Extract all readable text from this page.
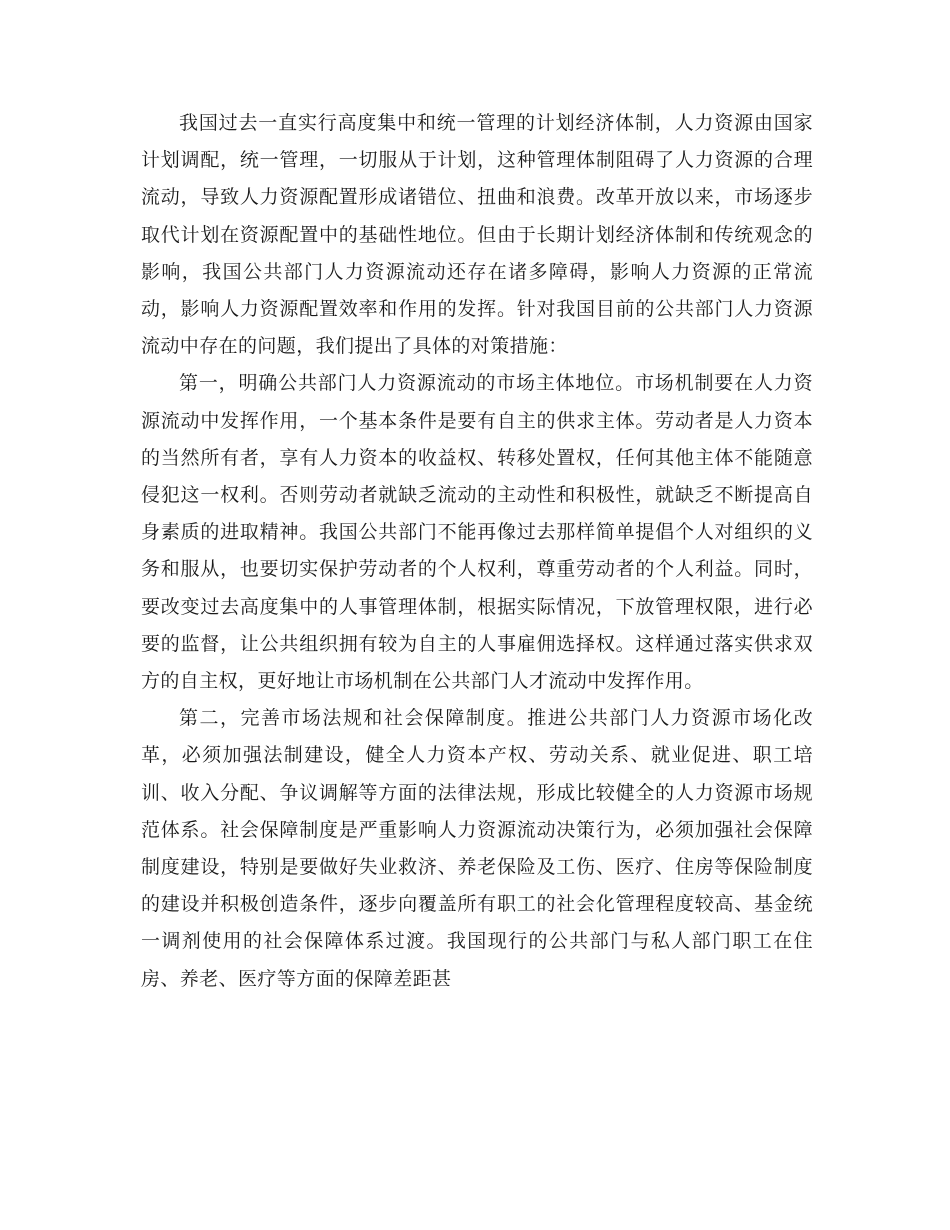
我国过去一直实行高度集中和统一管理的计划经济体制，人力资源由国家计划调配，统一管理，一切服从于计划，这种管理体制阻碍了人力资源的合理流动，导致人力资源配置形成诸错位、扭曲和浪费。改革开放以来，市场逐步取代计划在资源配置中的基础性地位。但由于长期计划经济体制和传统观念的影响，我国公共部门人力资源流动还存在诸多障碍，影响人力资源的正常流动，影响人力资源配置效率和作用的发挥。针对我国目前的公共部门人力资源流动中存在的问题，我们提出了具体的对策措施：

第一，明确公共部门人力资源流动的市场主体地位。市场机制要在人力资源流动中发挥作用，一个基本条件是要有自主的供求主体。劳动者是人力资本的当然所有者，享有人力资本的收益权、转移处置权，任何其他主体不能随意侵犯这一权利。否则劳动者就缺乏流动的主动性和积极性，就缺乏不断提高自身素质的进取精神。我国公共部门不能再像过去那样简单提倡个人对组织的义务和服从，也要切实保护劳动者的个人权利，尊重劳动者的个人利益。同时，要改变过去高度集中的人事管理体制，根据实际情况，下放管理权限，进行必要的监督，让公共组织拥有较为自主的人事雇佣选择权。这样通过落实供求双方的自主权，更好地让市场机制在公共部门人才流动中发挥作用。

第二，完善市场法规和社会保障制度。推进公共部门人力资源市场化改革，必须加强法制建设，健全人力资本产权、劳动关系、就业促进、职工培训、收入分配、争议调解等方面的法律法规，形成比较健全的人力资源市场规范体系。社会保障制度是严重影响人力资源流动决策行为，必须加强社会保障制度建设，特别是要做好失业救济、养老保险及工伤、医疗、住房等保险制度的建设并积极创造条件，逐步向覆盖所有职工的社会化管理程度较高、基金统一调剂使用的社会保障体系过渡。我国现行的公共部门与私人部门职工在住房、养老、医疗等方面的保障差距甚
